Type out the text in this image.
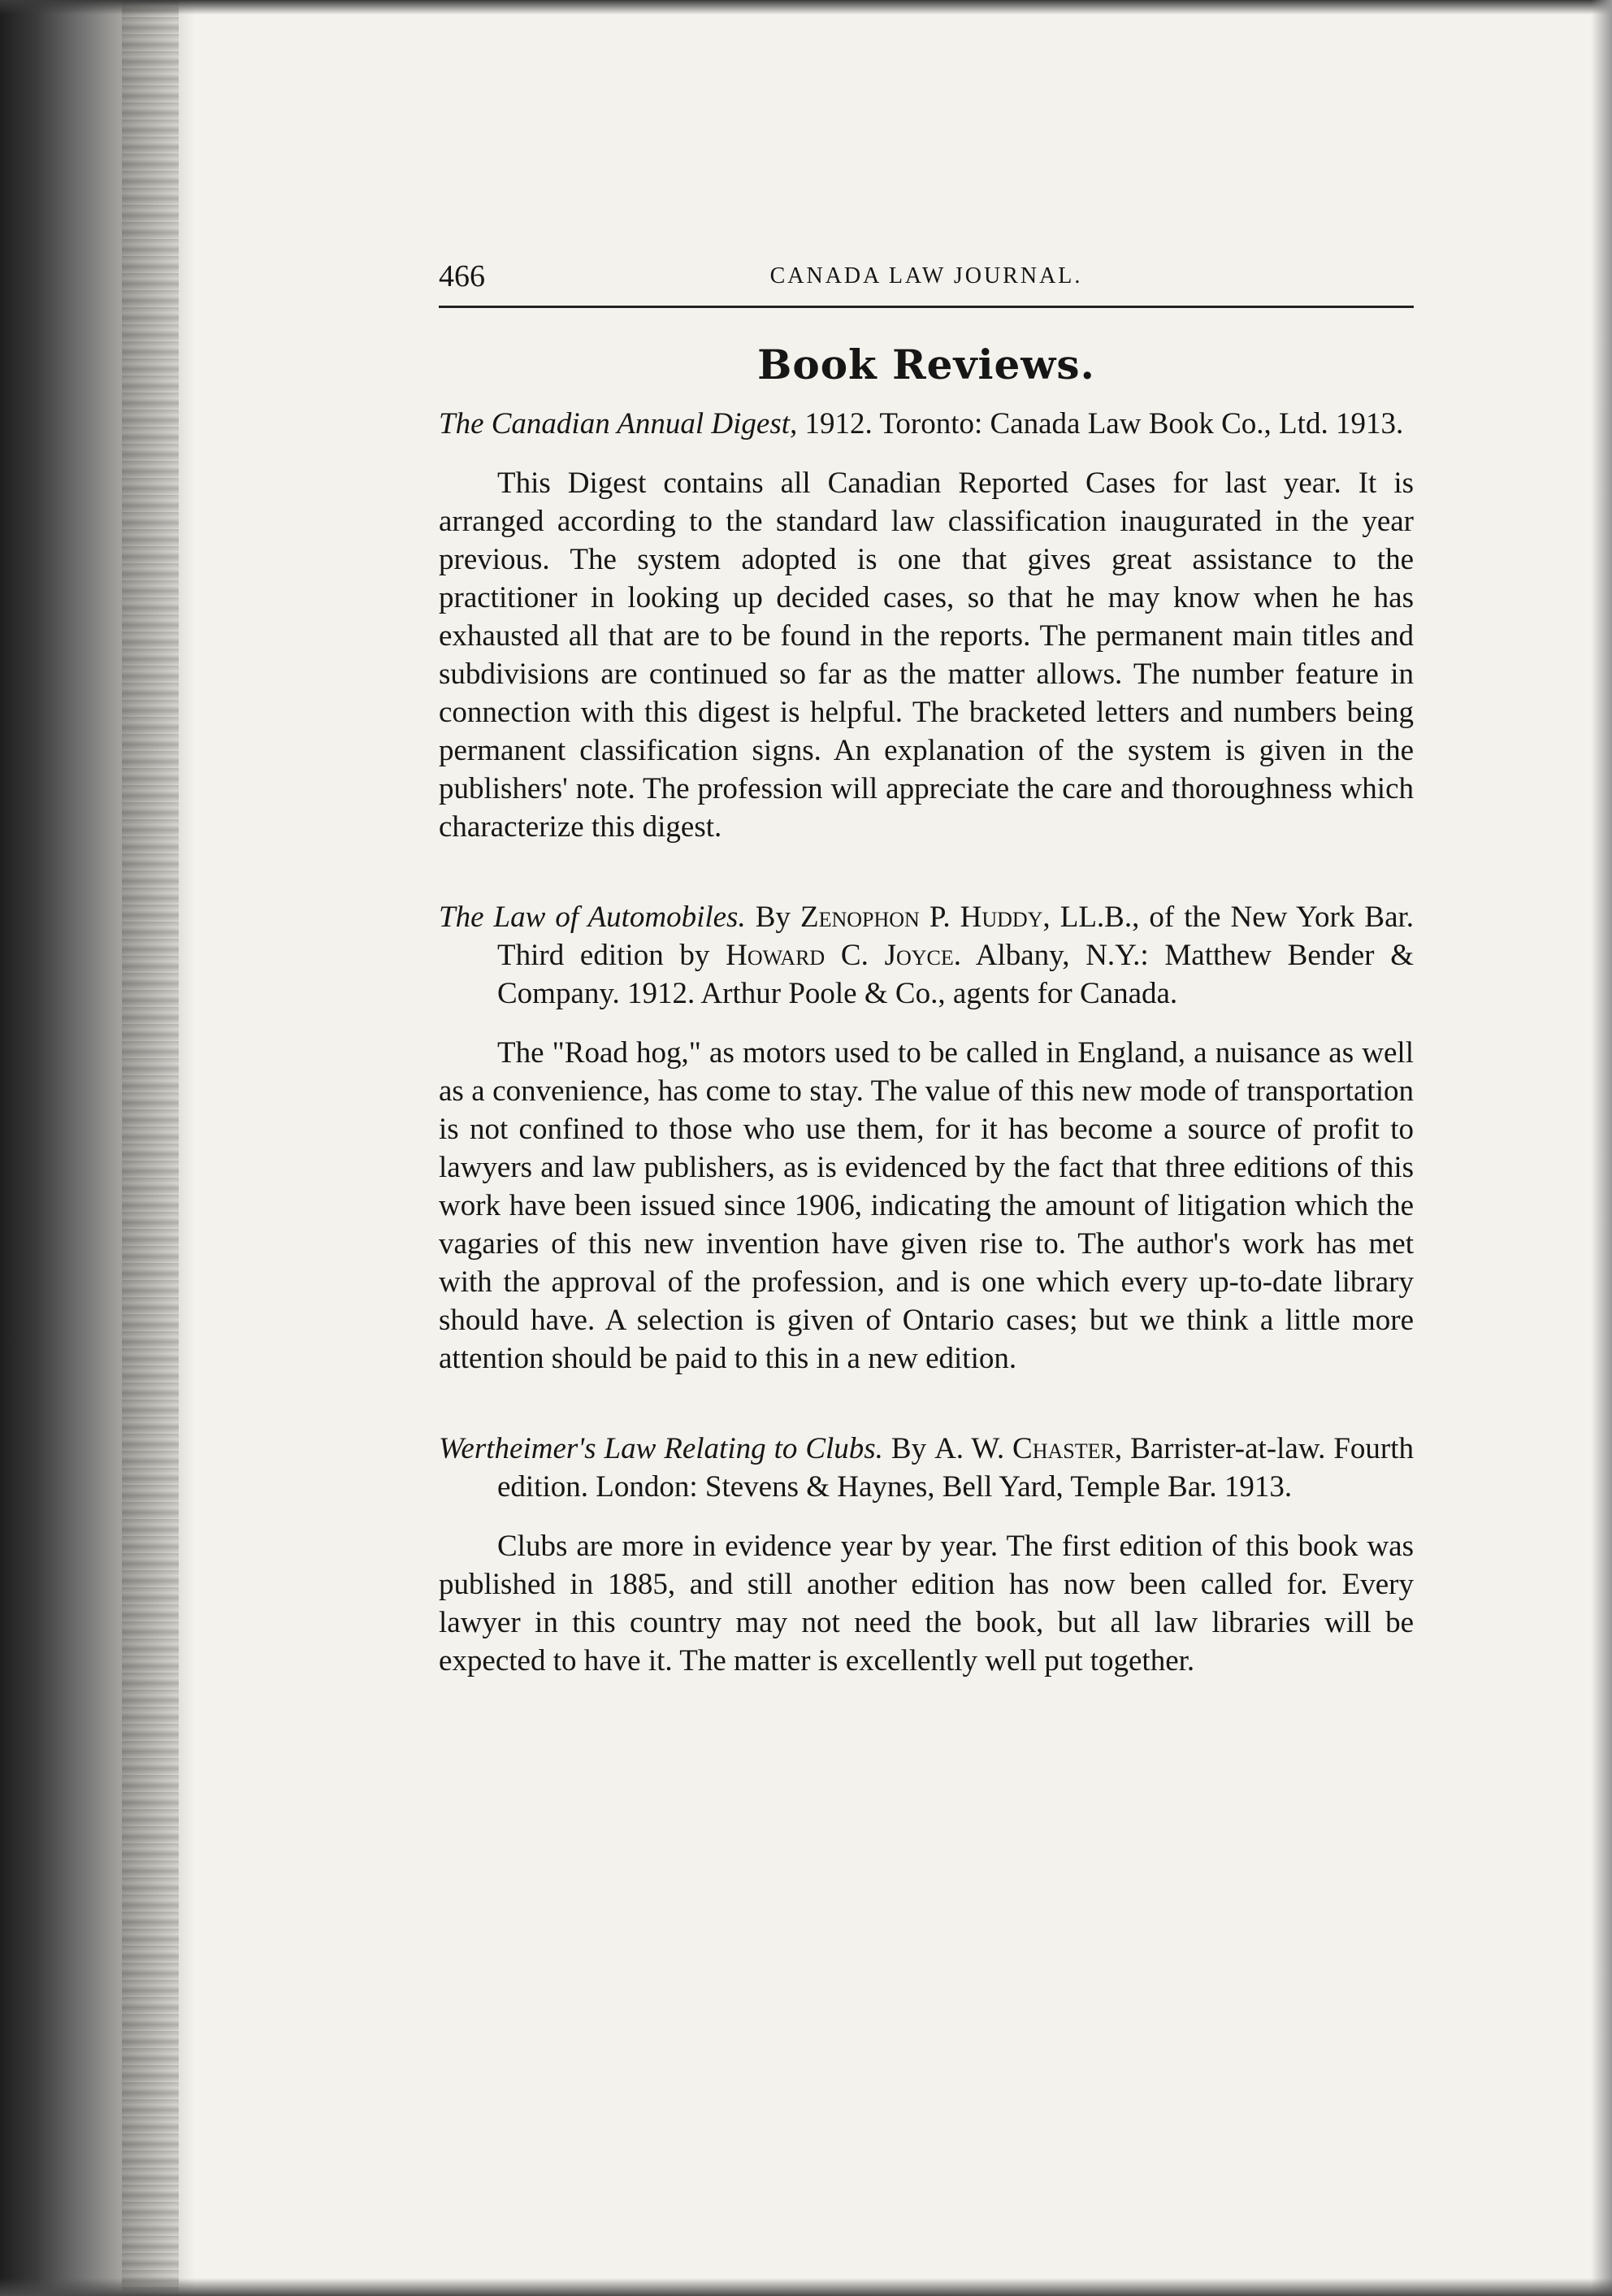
466	CANADA LAW JOURNAL.
Book Reviews.

The Canadian Annual Digest, 1912. Toronto: Canada Law Book Co., Ltd. 1913.

This Digest contains all Canadian Reported Cases for last year. It is arranged according to the standard law classification inaugurated in the year previous. The system adopted is one that gives great assistance to the practitioner in looking up decided cases, so that he may know when he has exhausted all that are to be found in the reports. The permanent main titles and subdivisions are continued so far as the matter allows. The number feature in connection with this digest is helpful. The bracketed letters and numbers being permanent classification signs. An explanation of the system is given in the publishers' note. The profession will appreciate the care and thoroughness which characterize this digest.

The Law of Automobiles. By Zenophon P. Huddy, LL.B., of the New York Bar. Third edition by Howard C. Joyce. Albany, N.Y.: Matthew Bender & Company. 1912. Arthur Poole & Co., agents for Canada.

The "Road hog," as motors used to be called in England, a nuisance as well as a convenience, has come to stay. The value of this new mode of transportation is not confined to those who use them, for it has become a source of profit to lawyers and law publishers, as is evidenced by the fact that three editions of this work have been issued since 1906, indicating the amount of litigation which the vagaries of this new invention have given rise to. The author's work has met with the approval of the profession, and is one which every up-to-date library should have. A selection is given of Ontario cases; but we think a little more attention should be paid to this in a new edition.

Wertheimer's Law Relating to Clubs. By A. W. Chaster, Barrister-at-law. Fourth edition. London: Stevens & Haynes, Bell Yard, Temple Bar. 1913.

Clubs are more in evidence year by year. The first edition of this book was published in 1885, and still another edition has now been called for. Every lawyer in this country may not need the book, but all law libraries will be expected to have it. The matter is excellently well put together.
